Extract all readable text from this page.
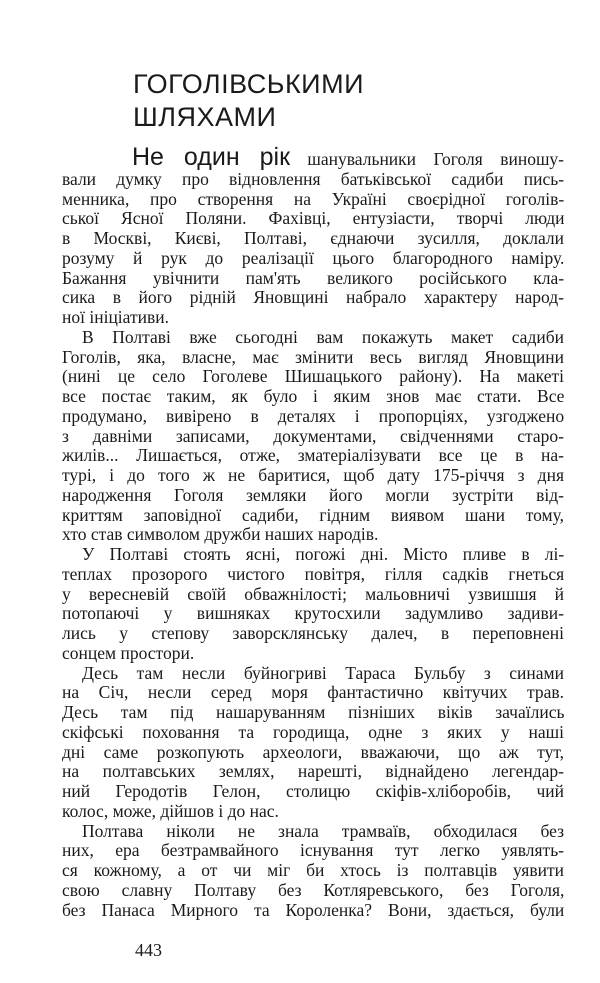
ГОГОЛІВСЬКИМИ
ШЛЯХАМИ
Не один рік шанувальники Гоголя виношу-
вали думку про відновлення батьківської садиби пись-
менника, про створення на Україні своєрідної гоголів-
ської Ясної Поляни. Фахівці, ентузіасти, творчі люди
в Москві, Києві, Полтаві, єднаючи зусилля, доклали
розуму й рук до реалізації цього благородного наміру.
Бажання увічнити пам'ять великого російського кла-
сика в його рідній Яновщині набрало характеру народ-
ної ініціативи.
В Полтаві вже сьогодні вам покажуть макет садиби
Гоголів, яка, власне, має змінити весь вигляд Яновщини
(нині це село Гоголеве Шишацького району). На макеті
все постає таким, як було і яким знов має стати. Все
продумано, вивірено в деталях і пропорціях, узгоджено
з давніми записами, документами, свідченнями старо-
жилів... Лишається, отже, зматеріалізувати все це в на-
турі, і до того ж не баритися, щоб дату 175-річчя з дня
народження Гоголя земляки його могли зустріти від-
криттям заповідної садиби, гідним виявом шани тому,
хто став символом дружби наших народів.
У Полтаві стоять ясні, погожі дні. Місто пливе в лі-
теплах прозорого чистого повітря, гілля садків гнеться
у вересневій своїй обважнілості; мальовничі узвишшя й
потопаючі у вишняках крутосхили задумливо задиви-
лись у степову заворсклянську далеч, в переповнені
сонцем простори.
Десь там несли буйногриві Тараса Бульбу з синами
на Січ, несли серед моря фантастично квітучих трав.
Десь там під нашаруванням пізніших віків зачаїлись
скіфські поховання та городища, одне з яких у наші
дні саме розкопують археологи, вважаючи, що аж тут,
на полтавських землях, нарешті, віднайдено легендар-
ний Геродотів Гелон, столицю скіфів-хліборобів, чий
колос, може, дійшов і до нас.
Полтава ніколи не знала трамваїв, обходилася без
них, ера безтрамвайного існування тут легко уявлять-
ся кожному, а от чи міг би хтось із полтавців уявити
свою славну Полтаву без Котляревського, без Гоголя,
без Панаса Мирного та Короленка? Вони, здається, були
443
